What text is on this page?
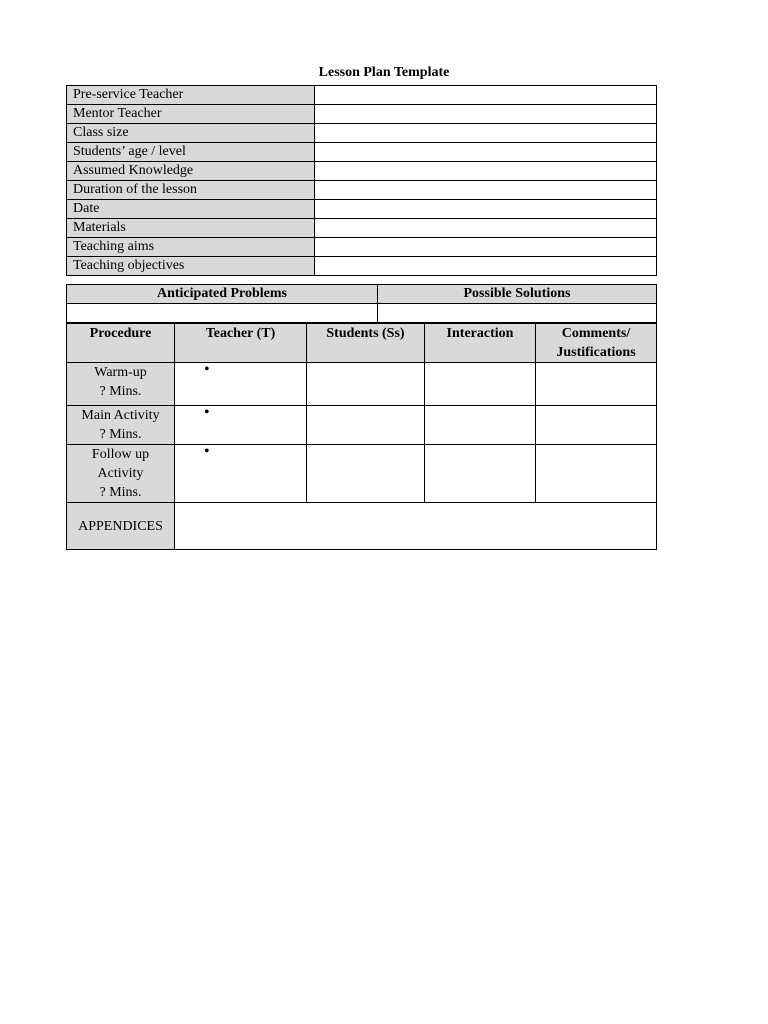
Lesson Plan Template
Pre-service Teacher	
Mentor Teacher	
Class size	
Students’ age / level	
Assumed Knowledge	
Duration of the lesson	
Date	
Materials	
Teaching aims	
Teaching objectives	
Anticipated Problems	Possible Solutions

Procedure	Teacher (T)	Students (Ss)	Interaction	Comments/
Justifications
Warm-up
? Mins.	•			

Main Activity
? Mins.	•			

Follow up
Activity
? Mins.	•			

APPENDICES				
